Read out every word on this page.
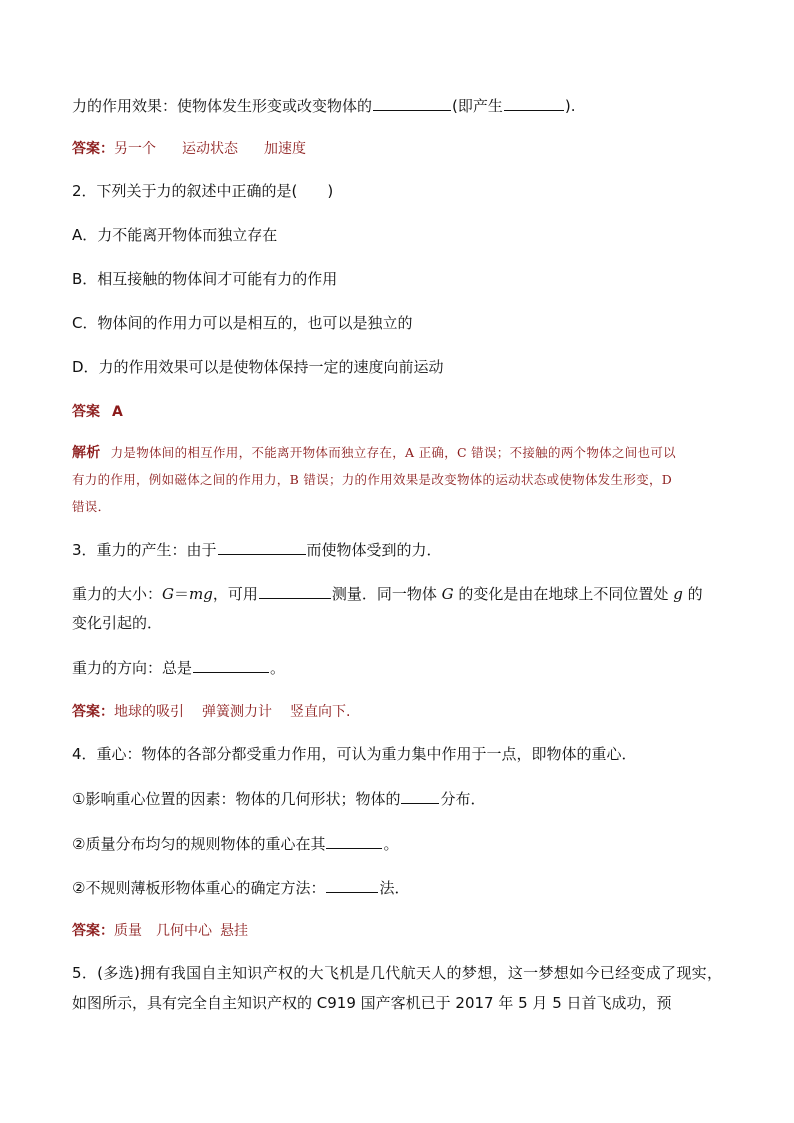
力的作用效果：使物体发生形变或改变物体的	(即产生	).
答案：另一个 运动状态 加速度
2．下列关于力的叙述中正确的是(　　)
A．力不能离开物体而独立存在
B．相互接触的物体间才可能有力的作用
C．物体间的作用力可以是相互的，也可以是独立的
D．力的作用效果可以是使物体保持一定的速度向前运动
答案 A
解析 力是物体间的相互作用，不能离开物体而独立存在，A 正确，C 错误；不接触的两个物体之间也可以
有力的作用，例如磁体之间的作用力，B 错误；力的作用效果是改变物体的运动状态或使物体发生形变，D
错误．
3．重力的产生：由于	而使物体受到的力．
重力的大小：G＝mg，可用	测量．同一物体 G 的变化是由在地球上不同位置处 g 的
变化引起的．
重力的方向：总是	。
答案：地球的吸引 弹簧测力计 竖直向下.
4．重心：物体的各部分都受重力作用，可认为重力集中作用于一点，即物体的重心．
①影响重心位置的因素：物体的几何形状；物体的	分布．
②质量分布均匀的规则物体的重心在其	。
②不规则薄板形物体重心的确定方法：	法．
答案：质量 几何中心 悬挂
5．(多选)拥有我国自主知识产权的大飞机是几代航天人的梦想，这一梦想如今已经变成了现实，如图所示，具有完全自主知识产权的 C919 国产客机已于 2017 年 5 月 5 日首飞成功，预
